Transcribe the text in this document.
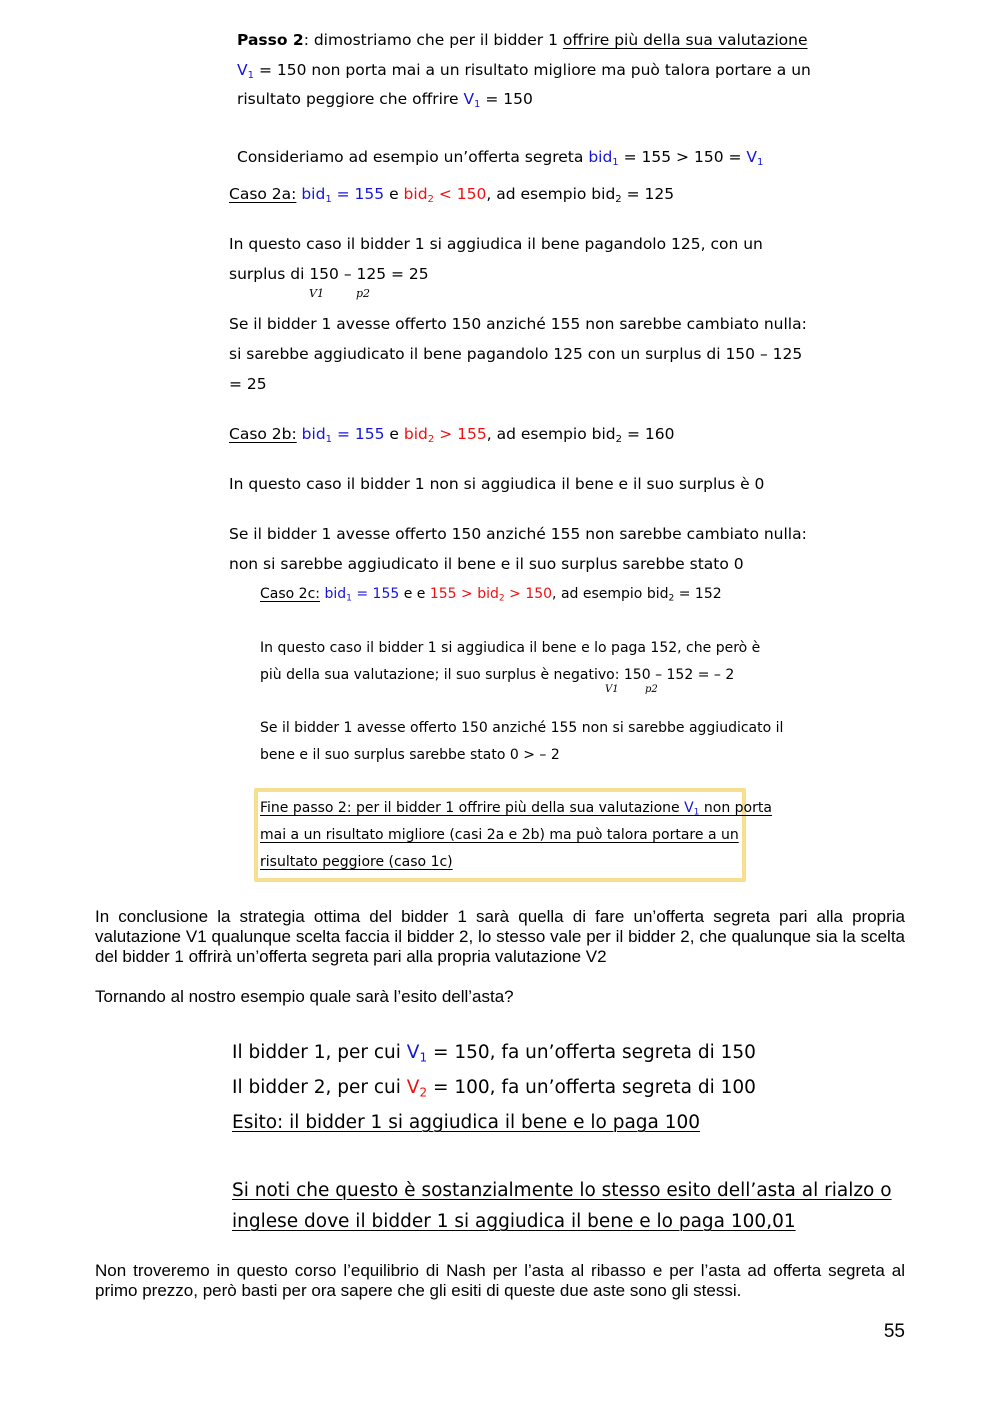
Passo 2: dimostriamo che per il bidder 1 offrire più della sua valutazione
$V_1 = 150$ non porta mai a un risultato migliore ma può talora portare a un
risultato peggiore che offrire $V_1 = 150$
Consideriamo ad esempio un’offerta segreta $bid_1 = 155 > 150 = V_1$
Caso 2a: bid$_1$ = 155 e bid$_2$ < 150, ad esempio bid$_2$ = 125
In questo caso il bidder 1 si aggiudica il bene pagandolo 125, con un
surplus di 150 – 125 = 25
V1	p2
Se il bidder 1 avesse offerto 150 anziché 155 non sarebbe cambiato nulla:
si sarebbe aggiudicato il bene pagandolo 125 con un surplus di 150 – 125
= 25
Caso 2b: bid$_1$ = 155 e bid$_2$ > 155, ad esempio bid$_2$ = 160
In questo caso il bidder 1 non si aggiudica il bene e il suo surplus è 0
Se il bidder 1 avesse offerto 150 anziché 155 non sarebbe cambiato nulla:
non si sarebbe aggiudicato il bene e il suo surplus sarebbe stato 0
Caso 2c: bid$_1$ = 155 e e 155 > bid$_2$ > 150, ad esempio bid$_2$ = 152
In questo caso il bidder 1 si aggiudica il bene e lo paga 152, che però è
più della sua valutazione; il suo surplus è negativo: 150 – 152 = – 2
V1	p2
Se il bidder 1 avesse offerto 150 anziché 155 non si sarebbe aggiudicato il
bene e il suo surplus sarebbe stato 0 > – 2
Fine passo 2: per il bidder 1 offrire più della sua valutazione $V_1$ non porta
mai a un risultato migliore (casi 2a e 2b) ma può talora portare a un
risultato peggiore (caso 1c)
In conclusione la strategia ottima del bidder 1 sarà quella di fare un’offerta segreta pari alla propria valutazione V1 qualunque scelta faccia il bidder 2, lo stesso vale per il bidder 2, che qualunque sia la scelta del bidder 1 offrirà un’offerta segreta pari alla propria valutazione V2
Tornando al nostro esempio quale sarà l’esito dell’asta?
Il bidder 1, per cui $V_1 = 150$, fa un’offerta segreta di 150
Il bidder 2, per cui $V_2 = 100$, fa un’offerta segreta di 100
Esito: il bidder 1 si aggiudica il bene e lo paga 100
Si noti che questo è sostanzialmente lo stesso esito dell’asta al rialzo o
inglese dove il bidder 1 si aggiudica il bene e lo paga 100,01
Non troveremo in questo corso l’equilibrio di Nash per l’asta al ribasso e per l’asta ad offerta segreta al primo prezzo, però basti per ora sapere che gli esiti di queste due aste sono gli stessi.
55
